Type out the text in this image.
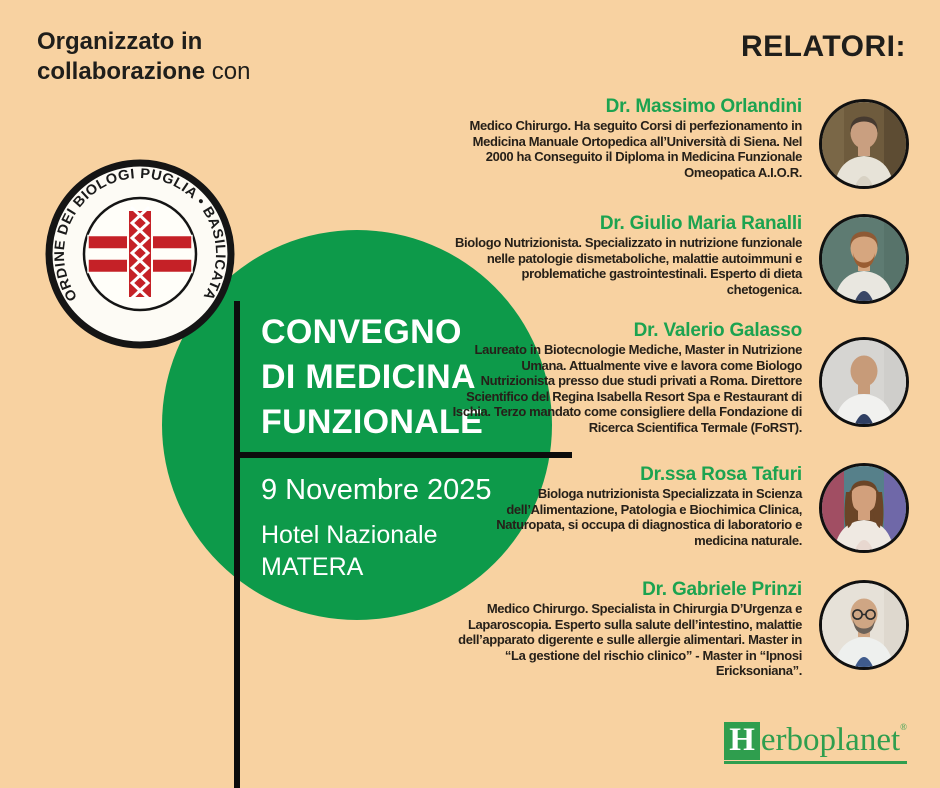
Organizzato in
collaborazione con
ORDINE DEI BIOLOGI PUGLIA • BASILICATA
CONVEGNO
DI MEDICINA
FUNZIONALE
9 Novembre 2025
Hotel Nazionale
MATERA
RELATORI:
Dr. Massimo Orlandini
Medico Chirurgo. Ha seguito Corsi di perfezionamento in Medicina Manuale Ortopedica all’Università di Siena. Nel 2000 ha Conseguito il Diploma in Medicina Funzionale Omeopatica A.I.O.R.
Dr. Giulio Maria Ranalli
Biologo Nutrizionista. Specializzato in nutrizione funzionale nelle patologie dismetaboliche, malattie autoimmuni e problematiche gastrointestinali. Esperto di dieta chetogenica.
Dr. Valerio Galasso
Laureato in Biotecnologie Mediche, Master in Nutrizione Umana. Attualmente vive e lavora come Biologo Nutrizionista presso due studi privati a Roma. Direttore Scientifico del Regina Isabella Resort Spa e Restaurant di Ischia. Terzo mandato come consigliere della Fondazione di Ricerca Scientifica Termale (FoRST).
Dr.ssa Rosa Tafuri
Biologa nutrizionista Specializzata in Scienza dell’Alimentazione, Patologia e Biochimica Clinica, Naturopata, si occupa di diagnostica di laboratorio e medicina naturale.
Dr. Gabriele Prinzi
Medico Chirurgo. Specialista in Chirurgia D’Urgenza e Laparoscopia. Esperto sulla salute dell’intestino, malattie dell’apparato digerente e sulle allergie alimentari. Master in “La gestione del rischio clinico” - Master in “Ipnosi Ericksoniana”.
H erboplanet®
